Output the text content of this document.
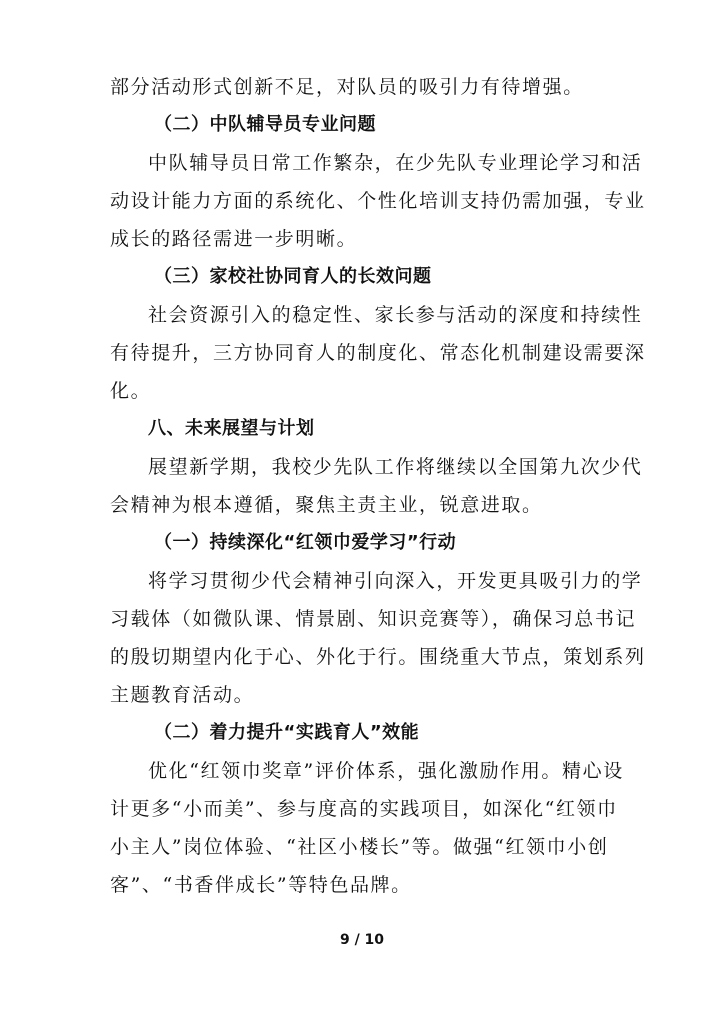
部分活动形式创新不足，对队员的吸引力有待增强。
（二）中队辅导员专业问题
中队辅导员日常工作繁杂，在少先队专业理论学习和活
动设计能力方面的系统化、个性化培训支持仍需加强，专业
成长的路径需进一步明晰。
（三）家校社协同育人的长效问题
社会资源引入的稳定性、家长参与活动的深度和持续性
有待提升，三方协同育人的制度化、常态化机制建设需要深
化。
八、未来展望与计划
展望新学期，我校少先队工作将继续以全国第九次少代
会精神为根本遵循，聚焦主责主业，锐意进取。
（一）持续深化“红领巾爱学习”行动
将学习贯彻少代会精神引向深入，开发更具吸引力的学
习载体（如微队课、情景剧、知识竞赛等），确保习总书记
的殷切期望内化于心、外化于行。围绕重大节点，策划系列
主题教育活动。
（二）着力提升“实践育人”效能
优化“红领巾奖章”评价体系，强化激励作用。精心设
计更多“小而美”、参与度高的实践项目，如深化“红领巾
小主人”岗位体验、“社区小楼长”等。做强“红领巾小创
客”、“书香伴成长”等特色品牌。
9 / 10
